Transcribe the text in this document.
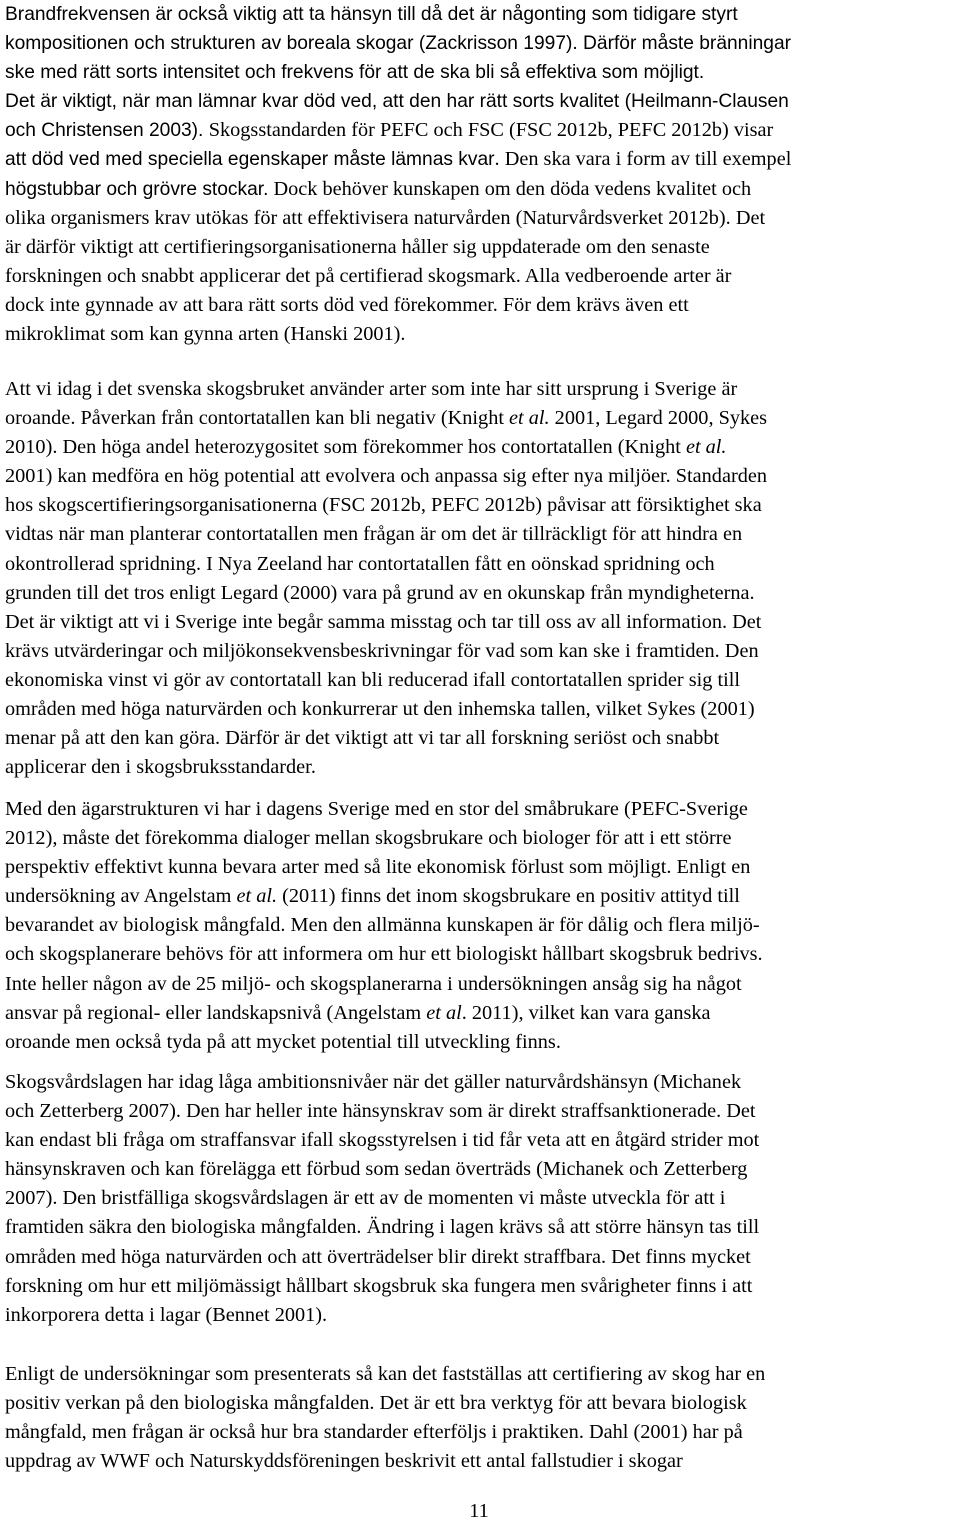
Brandfrekvensen är också viktig att ta hänsyn till då det är någonting som tidigare styrt
kompositionen och strukturen av boreala skogar (Zackrisson 1997). Därför måste bränningar
ske med rätt sorts intensitet och frekvens för att de ska bli så effektiva som möjligt.
Det är viktigt, när man lämnar kvar död ved, att den har rätt sorts kvalitet (Heilmann-Clausen
och Christensen 2003). Skogsstandarden för PEFC och FSC (FSC 2012b, PEFC 2012b) visar
att död ved med speciella egenskaper måste lämnas kvar. Den ska vara i form av till exempel
högstubbar och grövre stockar. Dock behöver kunskapen om den döda vedens kvalitet och
olika organismers krav utökas för att effektivisera naturvården (Naturvårdsverket 2012b). Det
är därför viktigt att certifieringsorganisationerna håller sig uppdaterade om den senaste
forskningen och snabbt applicerar det på certifierad skogsmark. Alla vedberoende arter är
dock inte gynnade av att bara rätt sorts död ved förekommer. För dem krävs även ett
mikroklimat som kan gynna arten (Hanski 2001).

Att vi idag i det svenska skogsbruket använder arter som inte har sitt ursprung i Sverige är
oroande. Påverkan från contortatallen kan bli negativ (Knight et al. 2001, Legard 2000, Sykes
2010). Den höga andel heterozygositet som förekommer hos contortatallen (Knight et al.
2001) kan medföra en hög potential att evolvera och anpassa sig efter nya miljöer. Standarden
hos skogscertifieringsorganisationerna (FSC 2012b, PEFC 2012b) påvisar att försiktighet ska
vidtas när man planterar contortatallen men frågan är om det är tillräckligt för att hindra en
okontrollerad spridning. I Nya Zeeland har contortatallen fått en oönskad spridning och
grunden till det tros enligt Legard (2000) vara på grund av en okunskap från myndigheterna.
Det är viktigt att vi i Sverige inte begår samma misstag och tar till oss av all information. Det
krävs utvärderingar och miljökonsekvensbeskrivningar för vad som kan ske i framtiden. Den
ekonomiska vinst vi gör av contortatall kan bli reducerad ifall contortatallen sprider sig till
områden med höga naturvärden och konkurrerar ut den inhemska tallen, vilket Sykes (2001)
menar på att den kan göra. Därför är det viktigt att vi tar all forskning seriöst och snabbt
applicerar den i skogsbruksstandarder.

Med den ägarstrukturen vi har i dagens Sverige med en stor del småbrukare (PEFC-Sverige
2012), måste det förekomma dialoger mellan skogsbrukare och biologer för att i ett större
perspektiv effektivt kunna bevara arter med så lite ekonomisk förlust som möjligt. Enligt en
undersökning av Angelstam et al. (2011) finns det inom skogsbrukare en positiv attityd till
bevarandet av biologisk mångfald. Men den allmänna kunskapen är för dålig och flera miljö-
och skogsplanerare behövs för att informera om hur ett biologiskt hållbart skogsbruk bedrivs.
Inte heller någon av de 25 miljö- och skogsplanerarna i undersökningen ansåg sig ha något
ansvar på regional- eller landskapsnivå (Angelstam et al. 2011), vilket kan vara ganska
oroande men också tyda på att mycket potential till utveckling finns.

Skogsvårdslagen har idag låga ambitionsnivåer när det gäller naturvårdshänsyn (Michanek
och Zetterberg 2007). Den har heller inte hänsynskrav som är direkt straffsanktionerade. Det
kan endast bli fråga om straffansvar ifall skogsstyrelsen i tid får veta att en åtgärd strider mot
hänsynskraven och kan förelägga ett förbud som sedan överträds (Michanek och Zetterberg
2007). Den bristfälliga skogsvårdslagen är ett av de momenten vi måste utveckla för att i
framtiden säkra den biologiska mångfalden. Ändring i lagen krävs så att större hänsyn tas till
områden med höga naturvärden och att överträdelser blir direkt straffbara. Det finns mycket
forskning om hur ett miljömässigt hållbart skogsbruk ska fungera men svårigheter finns i att
inkorporera detta i lagar (Bennet 2001).

Enligt de undersökningar som presenterats så kan det fastställas att certifiering av skog har en
positiv verkan på den biologiska mångfalden. Det är ett bra verktyg för att bevara biologisk
mångfald, men frågan är också hur bra standarder efterföljs i praktiken. Dahl (2001) har på
uppdrag av WWF och Naturskyddsföreningen beskrivit ett antal fallstudier i skogar

11
